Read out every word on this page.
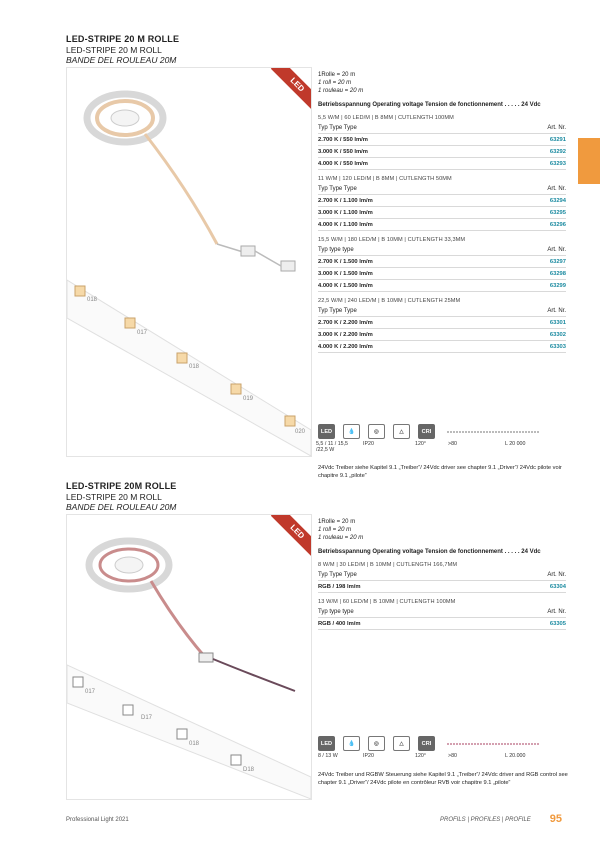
LED-STRIPE 20 M ROLLE
LED-STRIPE 20 M ROLL
BANDE DEL ROULEAU 20M
LED
018
017
018
019
020
1Rolle = 20 m
1 roll = 20 m
1 rouleau = 20 m
Betriebsspannung Operating voltage Tension de fonctionnement . . . . . 24 Vdc
5,5 W/M | 60 LED/M | B 8MM | CUTLENGTH 100MM
Typ Type Type	Art. Nr.
2.700 K / 550 lm/m	63291
3.000 K / 550 lm/m	63292
4.000 K / 550 lm/m	63293
11 W/M | 120 LED/M | B 8MM | CUTLENGTH 50MM
Typ Type Type	Art. Nr.
2.700 K / 1.100 lm/m	63294
3.000 K / 1.100 lm/m	63295
4.000 K / 1.100 lm/m	63296
15,5 W/M | 180 LED/M | B 10MM | CUTLENGTH 33,3MM
Typ type type	Art. Nr.
2.700 K / 1.500 lm/m	63297
3.000 K / 1.500 lm/m	63298
4.000 K / 1.500 lm/m	63299
22,5 W/M | 240 LED/M | B 10MM | CUTLENGTH 25MM
Typ Type Type	Art. Nr.
2.700 K / 2.200 lm/m	63301
3.000 K / 2.200 lm/m	63302
4.000 K / 2.200 lm/m	63303
LED	💧	◎	△	CRI
5,5 / 11 / 15,5
/22,5 W
IP20	120°	>80	L 20 000
24Vdc Treiber siehe Kapitel 9.1 „Treiber“/ 24Vdc driver see chapter 9.1 „Driver“/ 24Vdc pilote voir chapitre 9.1 „pilote“
LED-STRIPE 20M ROLLE
LED-STRIPE 20 M ROLL
BANDE DEL ROULEAU 20M
LED
017
D17
018
D18
1Rolle = 20 m
1 roll = 20 m
1 rouleau = 20 m
Betriebsspannung Operating voltage Tension de fonctionnement . . . . . 24 Vdc
8 W/M | 30 LED/M | B 10MM | CUTLENGTH 166,7MM
Typ Type Type	Art. Nr.
RGB / 198 lm/m	63304
13 W/M | 60 LED/M | B 10MM | CUTLENGTH 100MM
Typ type type	Art. Nr.
RGB / 400 lm/m	63305
LED	💧	◎	△	CRI
8 / 13 W	IP20	120°	>80	L 20.000
24Vdc Treiber und RGBW Steuerung siehe Kapitel 9.1 „Treiber“/ 24Vdc driver and RGB control see chapter 9.1 „Driver“/ 24Vdc pilote en contrôleur RVB voir chapitre 9.1 „pilote“
Professional Light 2021	PROFILS | PROFILES | PROFILE 95
